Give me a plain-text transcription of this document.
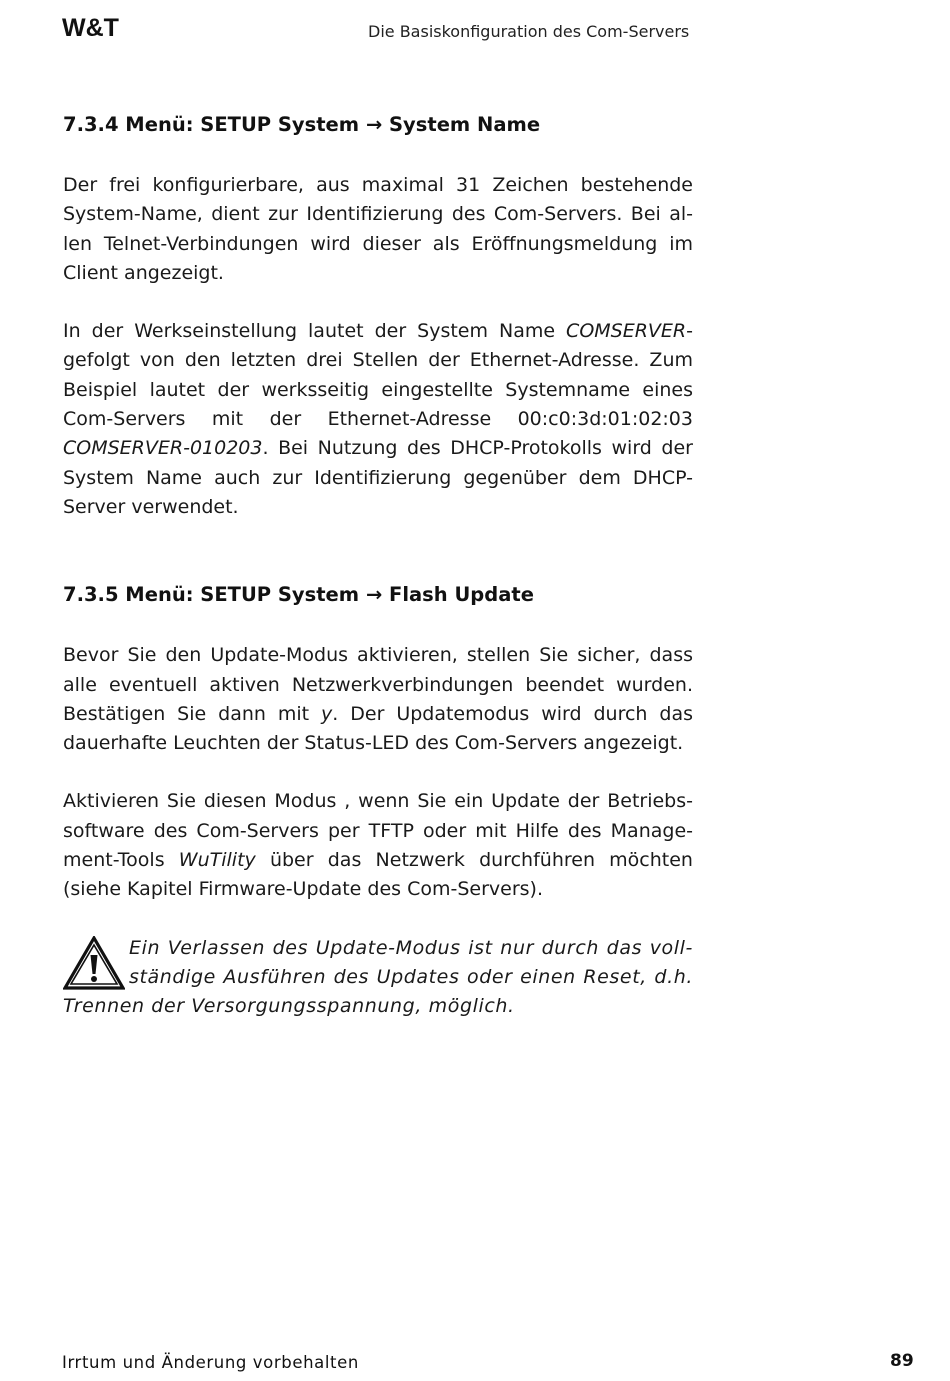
W&T	Die Basiskonfiguration des Com-Servers
7.3.4 Menü: SETUP System → System Name

Der frei konfigurierbare, aus maximal 31 Zeichen bestehende System-Name, dient zur Identifizierung des Com-Servers. Bei al-len Telnet-Verbindungen wird dieser als Eröffnungsmeldung im Client angezeigt.

In der Werkseinstellung lautet der System Name COMSERVER-gefolgt von den letzten drei Stellen der Ethernet-Adresse. Zum Beispiel lautet der werksseitig eingestellte Systemname eines Com-Servers mit der Ethernet-Adresse 00:c0:3d:01:02:03 COMSERVER-010203. Bei Nutzung des DHCP-Protokolls wird der System Name auch zur Identifizierung gegenüber dem DHCP-Server verwendet.

7.3.5 Menü: SETUP System → Flash Update

Bevor Sie den Update-Modus aktivieren, stellen Sie sicher, dass alle eventuell aktiven Netzwerkverbindungen beendet wurden. Bestätigen Sie dann mit y. Der Updatemodus wird durch das dauerhafte Leuchten der Status-LED des Com-Servers angezeigt.

Aktivieren Sie diesen Modus , wenn Sie ein Update der Betriebs-software des Com-Servers per TFTP oder mit Hilfe des Manage-ment-Tools WuTility über das Netzwerk durchführen möchten (siehe Kapitel Firmware-Update des Com-Servers).

Ein Verlassen des Update-Modus ist nur durch das voll-ständige Ausführen des Updates oder einen Reset, d.h. Trennen der Versorgungsspannung, möglich.

Irrtum und Änderung vorbehalten	89
